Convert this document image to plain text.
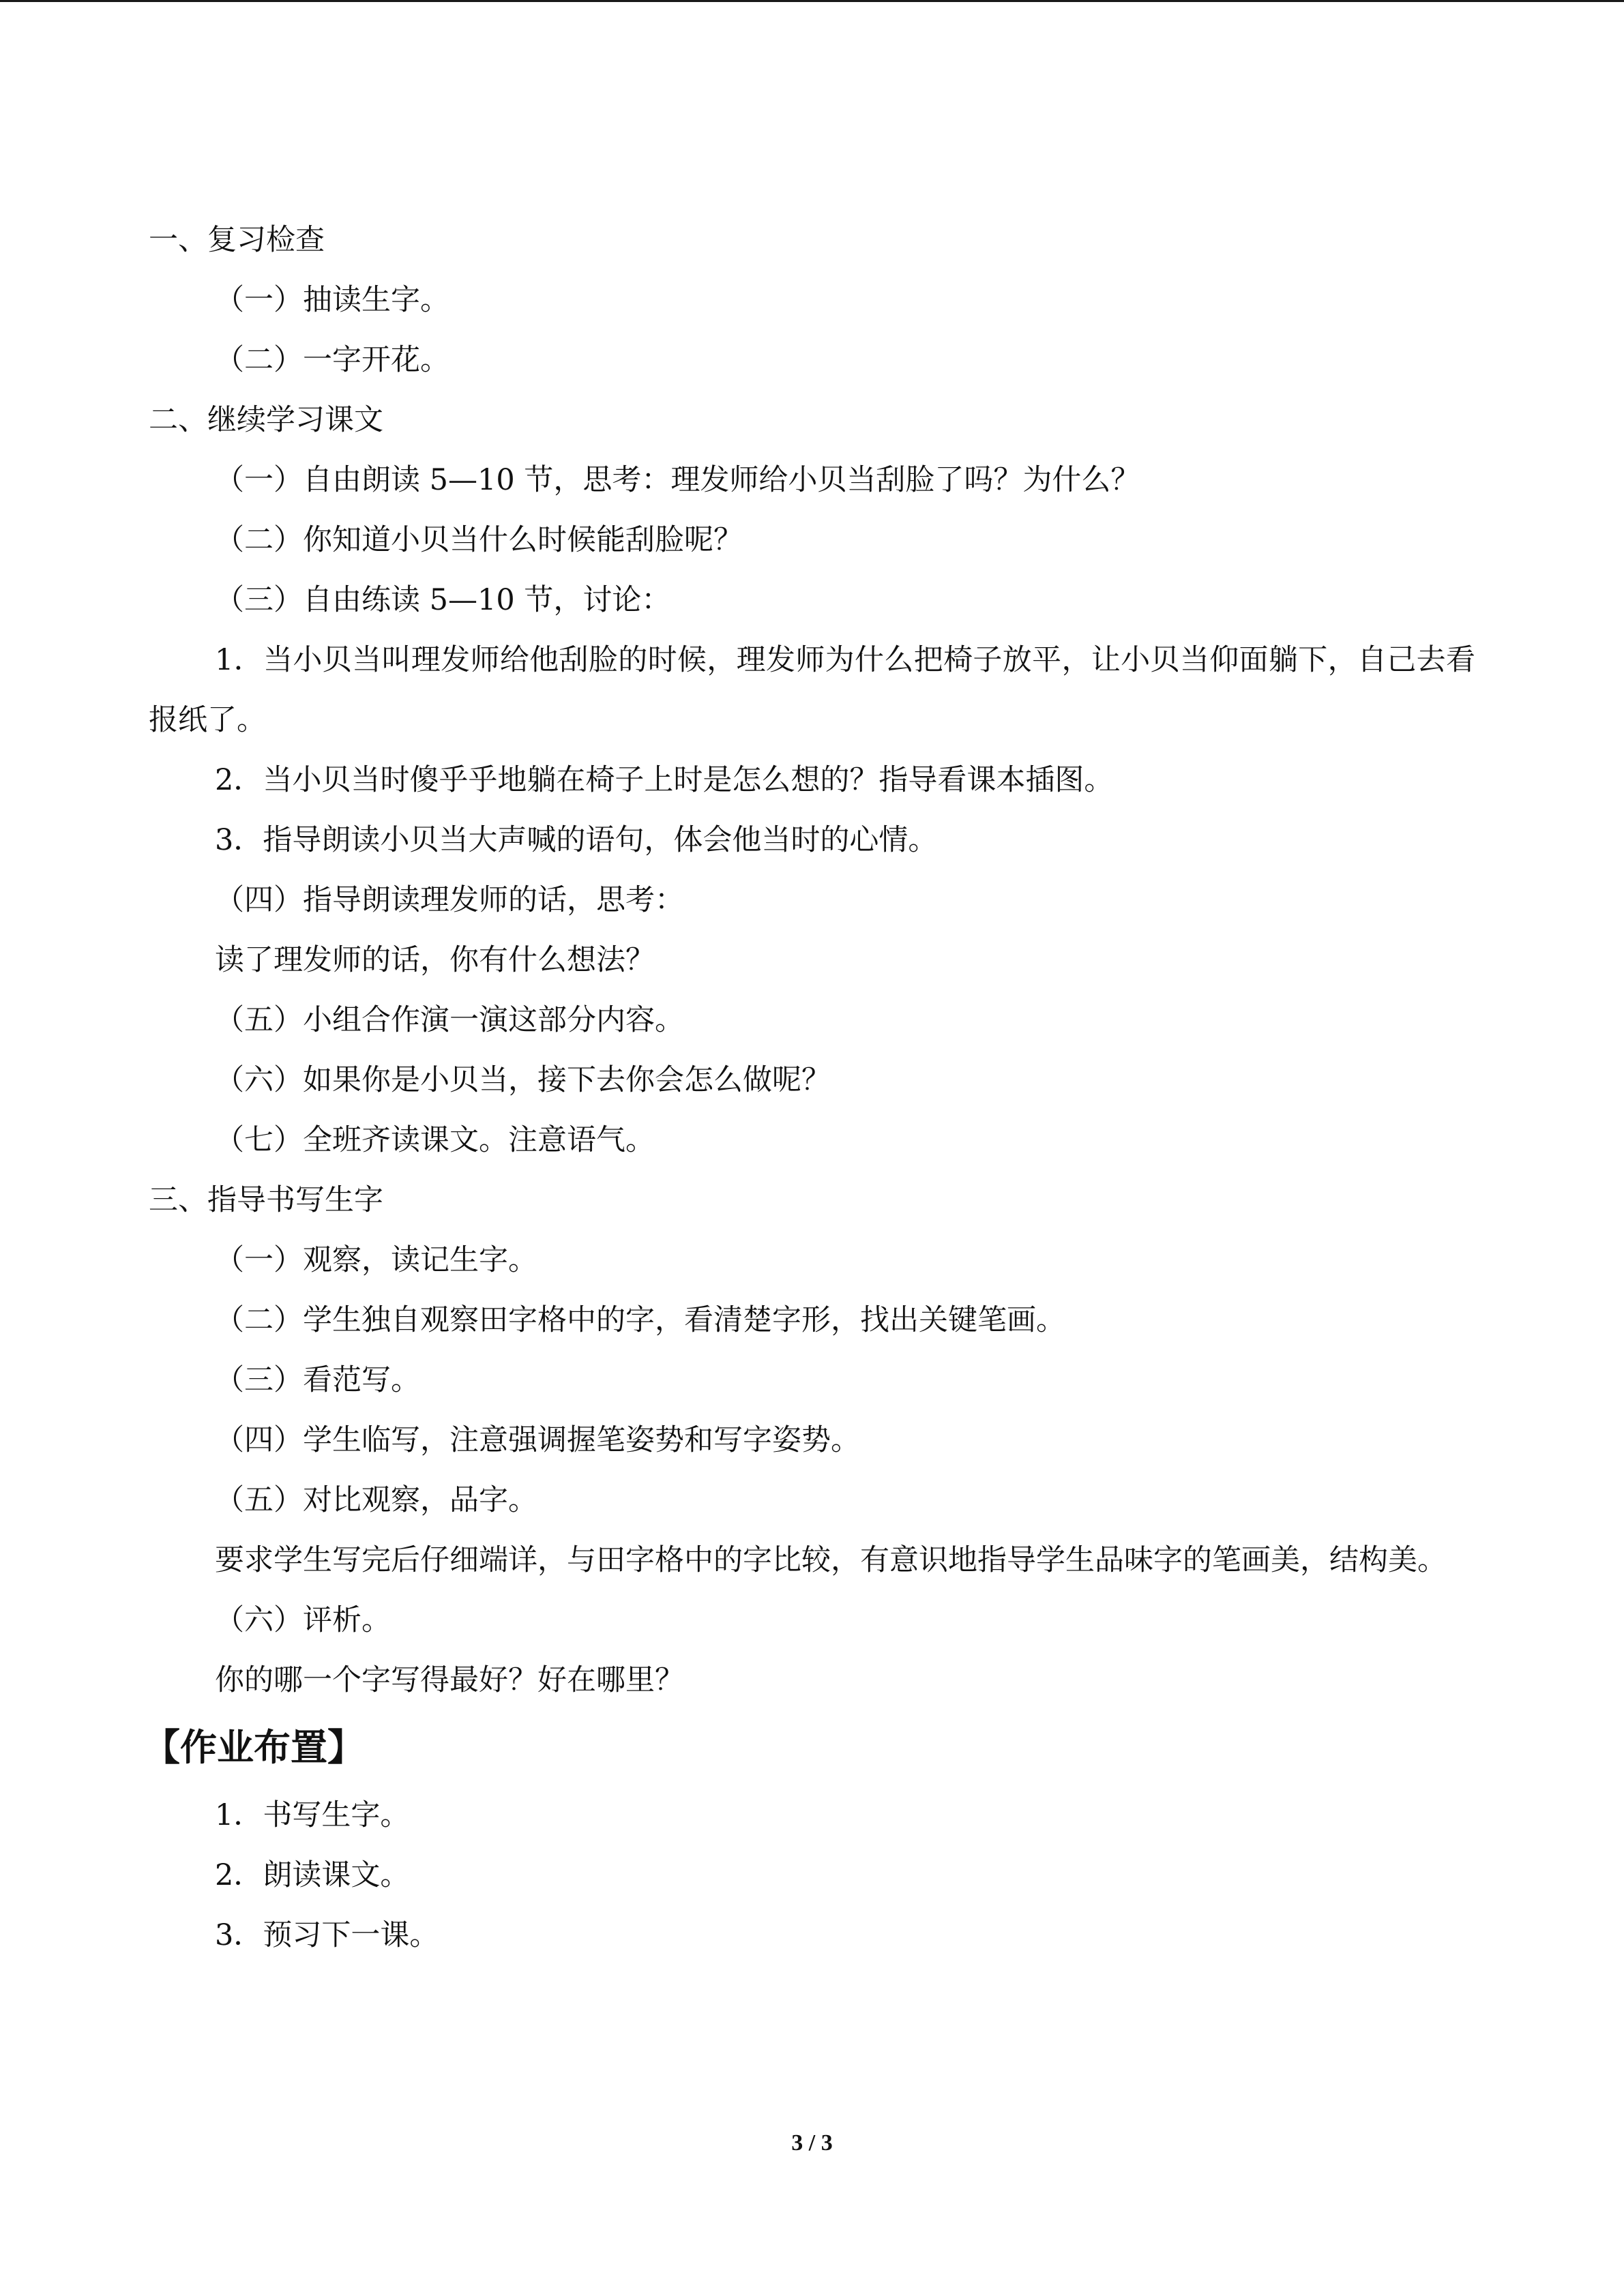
一、复习检查
（一）抽读生字。
（二）一字开花。
二、继续学习课文
（一）自由朗读 5—10 节，思考：理发师给小贝当刮脸了吗？为什么？
（二）你知道小贝当什么时候能刮脸呢？
（三）自由练读 5—10 节，讨论：
1．当小贝当叫理发师给他刮脸的时候，理发师为什么把椅子放平，让小贝当仰面躺下，自己去看报纸了。
2．当小贝当时傻乎乎地躺在椅子上时是怎么想的？指导看课本插图。
3．指导朗读小贝当大声喊的语句，体会他当时的心情。
（四）指导朗读理发师的话，思考：
读了理发师的话，你有什么想法？
（五）小组合作演一演这部分内容。
（六）如果你是小贝当，接下去你会怎么做呢？
（七）全班齐读课文。注意语气。
三、指导书写生字
（一）观察，读记生字。
（二）学生独自观察田字格中的字，看清楚字形，找出关键笔画。
（三）看范写。
（四）学生临写，注意强调握笔姿势和写字姿势。
（五）对比观察，品字。
要求学生写完后仔细端详，与田字格中的字比较，有意识地指导学生品味字的笔画美，结构美。
（六）评析。
你的哪一个字写得最好？好在哪里？
【作业布置】
1．书写生字。
2．朗读课文。
3．预习下一课。
3 / 3
